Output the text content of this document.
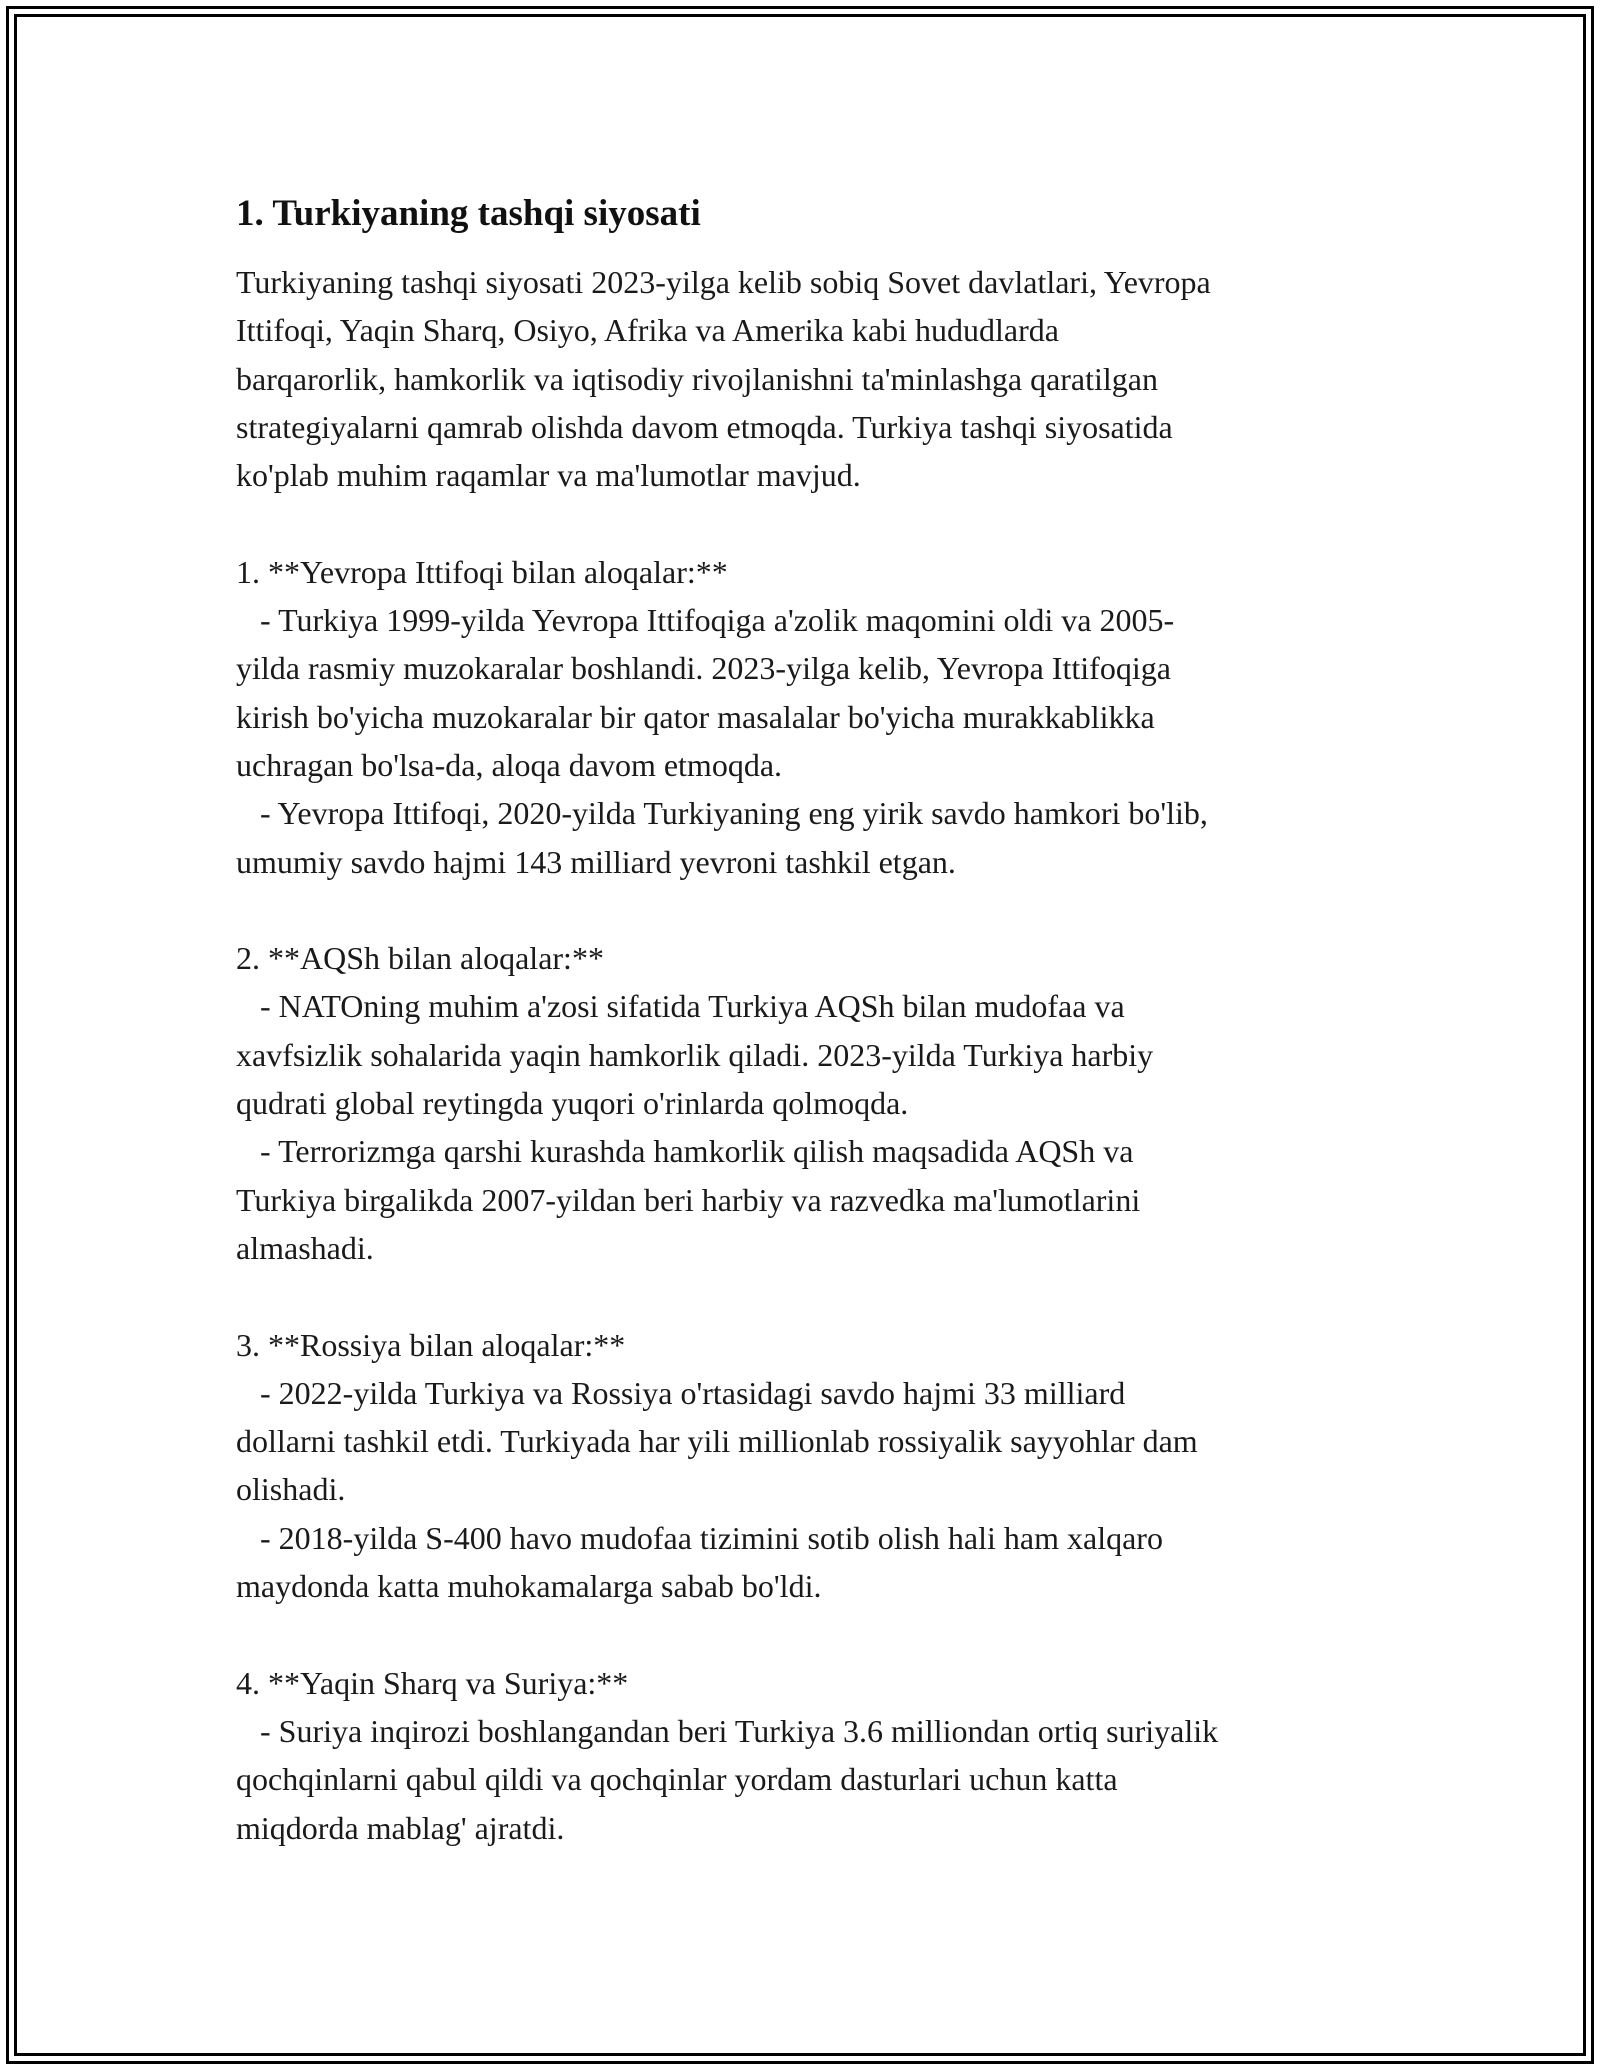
1. Turkiyaning tashqi siyosati

Turkiyaning tashqi siyosati 2023-yilga kelib sobiq Sovet davlatlari, Yevropa

Ittifoqi, Yaqin Sharq, Osiyo, Afrika va Amerika kabi hududlarda

barqarorlik, hamkorlik va iqtisodiy rivojlanishni ta'minlashga qaratilgan

strategiyalarni qamrab olishda davom etmoqda. Turkiya tashqi siyosatida

ko'plab muhim raqamlar va ma'lumotlar mavjud.

1. **Yevropa Ittifoqi bilan aloqalar:**

- Turkiya 1999-yilda Yevropa Ittifoqiga a'zolik maqomini oldi va 2005-

yilda rasmiy muzokaralar boshlandi. 2023-yilga kelib, Yevropa Ittifoqiga

kirish bo'yicha muzokaralar bir qator masalalar bo'yicha murakkablikka

uchragan bo'lsa-da, aloqa davom etmoqda.

- Yevropa Ittifoqi, 2020-yilda Turkiyaning eng yirik savdo hamkori bo'lib,

umumiy savdo hajmi 143 milliard yevroni tashkil etgan.

2. **AQSh bilan aloqalar:**

- NATOning muhim a'zosi sifatida Turkiya AQSh bilan mudofaa va

xavfsizlik sohalarida yaqin hamkorlik qiladi. 2023-yilda Turkiya harbiy

qudrati global reytingda yuqori o'rinlarda qolmoqda.

- Terrorizmga qarshi kurashda hamkorlik qilish maqsadida AQSh va

Turkiya birgalikda 2007-yildan beri harbiy va razvedka ma'lumotlarini

almashadi.

3. **Rossiya bilan aloqalar:**

- 2022-yilda Turkiya va Rossiya o'rtasidagi savdo hajmi 33 milliard

dollarni tashkil etdi. Turkiyada har yili millionlab rossiyalik sayyohlar dam

olishadi.

- 2018-yilda S-400 havo mudofaa tizimini sotib olish hali ham xalqaro

maydonda katta muhokamalarga sabab bo'ldi.

4. **Yaqin Sharq va Suriya:**

- Suriya inqirozi boshlangandan beri Turkiya 3.6 milliondan ortiq suriyalik

qochqinlarni qabul qildi va qochqinlar yordam dasturlari uchun katta

miqdorda mablag' ajratdi.
